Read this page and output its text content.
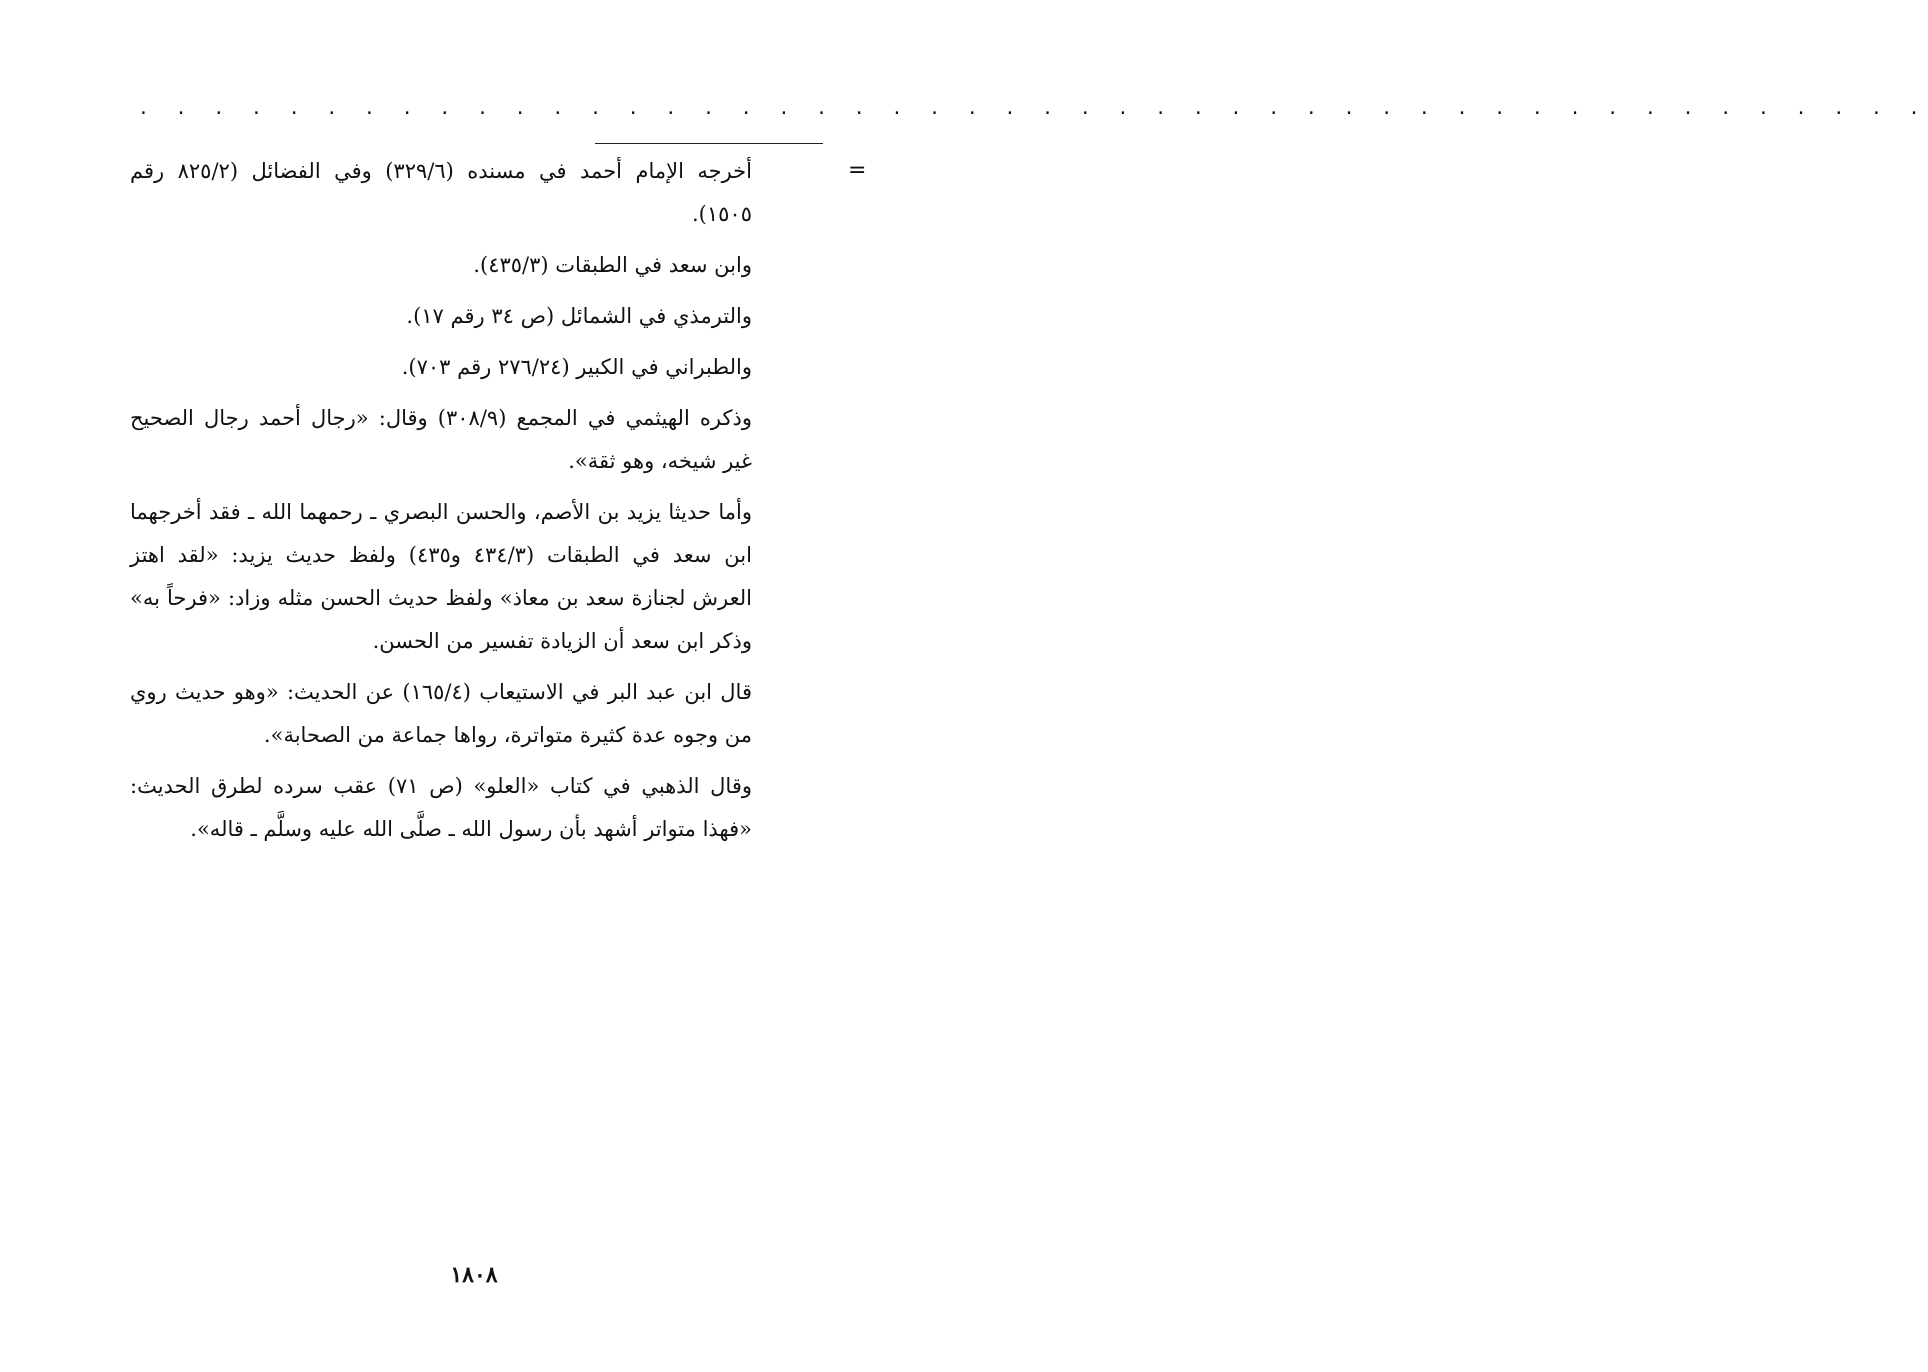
. . . . . . . . . . . . . . . . . . . . . . . . . . . . . . . . . . . . . . . . . . . . . . . .
=

أخرجه الإمام أحمد في مسنده (٣٢٩/٦) وفي الفضائل (٨٢٥/٢ رقم ١٥٠٥).

وابن سعد في الطبقات (٤٣٥/٣).

والترمذي في الشمائل (ص ٣٤ رقم ١٧).

والطبراني في الكبير (٢٧٦/٢٤ رقم ٧٠٣).

وذكره الهيثمي في المجمع (٣٠٨/٩) وقال: «رجال أحمد رجال الصحيح غير شيخه، وهو ثقة».

وأما حديثا يزيد بن الأصم، والحسن البصري ـ رحمهما الله ـ فقد أخرجهما ابن سعد في الطبقات (٤٣٤/٣ و٤٣٥) ولفظ حديث يزيد: «لقد اهتز العرش لجنازة سعد بن معاذ» ولفظ حديث الحسن مثله وزاد: «فرحاً به» وذكر ابن سعد أن الزيادة تفسير من الحسن.

قال ابن عبد البر في الاستيعاب (١٦٥/٤) عن الحديث: «وهو حديث روي من وجوه عدة كثيرة متواترة، رواها جماعة من الصحابة».

وقال الذهبي في كتاب «العلو» (ص ٧١) عقب سرده لطرق الحديث: «فهذا متواتر أشهد بأن رسول الله ـ صلَّى الله عليه وسلَّم ـ قاله».

١٨٠٨
